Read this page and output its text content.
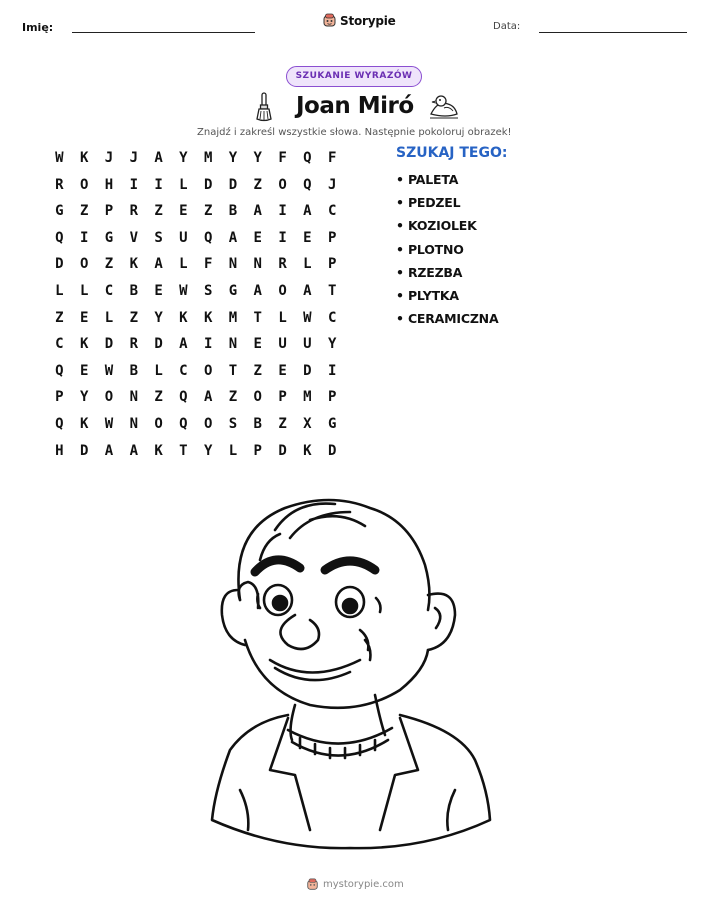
Imię:	Storypie	Data:
SZUKANIE WYRAZÓW
Joan Miró
Znajdź i zakreśl wszystkie słowa. Następnie pokoloruj obrazek!
W	K	J	J	A	Y	M	Y	Y	F	Q	F
R	O	H	I	I	L	D	D	Z	O	Q	J
G	Z	P	R	Z	E	Z	B	A	I	A	C
Q	I	G	V	S	U	Q	A	E	I	E	P
D	O	Z	K	A	L	F	N	N	R	L	P
L	L	C	B	E	W	S	G	A	O	A	T
Z	E	L	Z	Y	K	K	M	T	L	W	C
C	K	D	R	D	A	I	N	E	U	U	Y
Q	E	W	B	L	C	O	T	Z	E	D	I
P	Y	O	N	Z	Q	A	Z	O	P	M	P
Q	K	W	N	O	Q	O	S	B	Z	X	G
H	D	A	A	K	T	Y	L	P	D	K	D
SZUKAJ TEGO:
• PALETA
• PEDZEL
• KOZIOLEK
• PLOTNO
• RZEZBA
• PLYTKA
• CERAMICZNA
mystorypie.com
